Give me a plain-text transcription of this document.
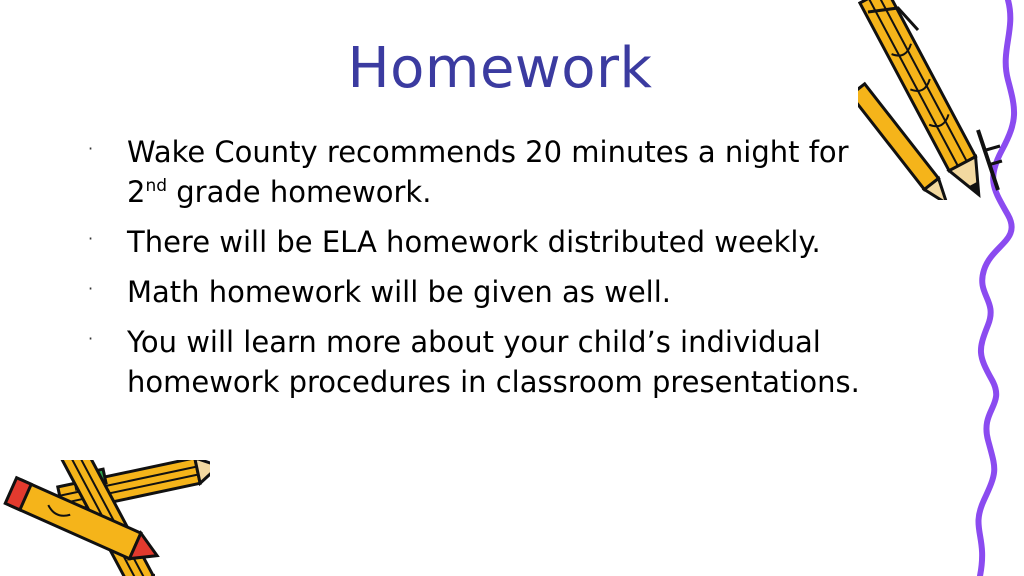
Homework
· Wake County recommends 20 minutes a night for
2nd grade homework.
· There will be ELA homework distributed weekly.
· Math homework will be given as well.
· You will learn more about your child’s individual homework procedures in classroom presentations.
